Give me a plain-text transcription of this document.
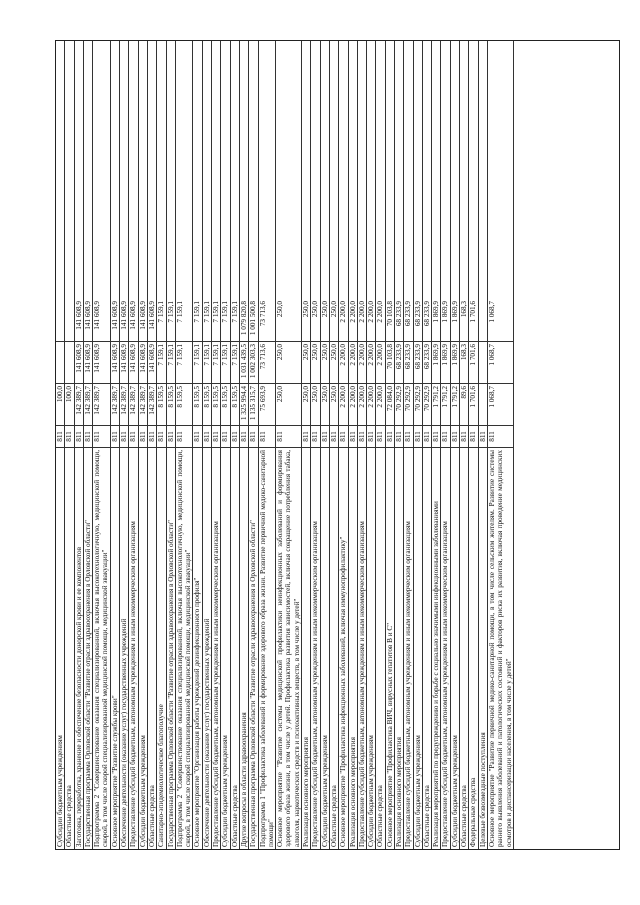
Субсидии бюджетным учреждениям
811
100,0
Областные средства
811
100,0
Заготовка, переработка, хранение и обеспечение безопасности донорской крови и ее компонентов
811
142 389,7
141 608,9
141 608,9
Государственная программа Орловской области "Развитие отрасли здравоохранения в Орловской области"
811
142 389,7
141 608,9
141 608,9
Подпрограмма 2 "Совершенствование оказания специализированной, включая высокотехнологичную, медицинской помощи, скорой, в том числе скорой специализированной медицинской помощи, медицинской эвакуации"
811
142 389,7
141 608,9
141 608,9
Основное мероприятие "Развитие службы крови"
811
142 389,7
141 608,9
141 608,9
Обеспечение деятельности (оказание услуг) государственных учреждений
811
142 389,7
141 608,9
141 608,9
Предоставление субсидий бюджетным, автономным учреждениям и иным некоммерческим организациям
811
142 389,7
141 608,9
141 608,9
Субсидии бюджетным учреждениям
811
142 389,7
141 608,9
141 608,9
Областные средства
811
142 389,7
141 608,9
141 608,9
Санитарно-эпидемиологическое благополучие
811
8 159,5
7 159,1
7 159,1
Государственная программа Орловской области "Развитие отрасли здравоохранения в Орловской области"
811
8 159,5
7 159,1
7 159,1
Подпрограмма 2 "Совершенствование оказания специализированной, включая высокотехнологичную, медицинской помощи, скорой, в том числе скорой специализированной медицинской помощи, медицинской эвакуации"
811
8 159,5
7 159,1
7 159,1
Основное мероприятие "Организация работы учреждений дезинфекционного профиля"
811
8 159,5
7 159,1
7 159,1
Обеспечение деятельности (оказание услуг) государственных учреждений
811
8 159,5
7 159,1
7 159,1
Предоставление субсидий бюджетным, автономным учреждениям и иным некоммерческим организациям
811
8 159,5
7 159,1
7 159,1
Субсидии бюджетным учреждениям
811
8 159,5
7 159,1
7 159,1
Областные средства
811
8 159,5
7 159,1
7 159,1
Другие вопросы в области здравоохранения
811
1 325 994,4
1 031 439,5
1 079 820,8
Государственная программа Орловской области "Развитие отрасли здравоохранения в Орловской области"
811
1 135 315,7
1 002 303,3
1 001 500,8
Подпрограмма 1 "Профилактика заболеваний и формирование здорового образа жизни. Развитие первичной медико-санитарной помощи"
811
75 693,9
73 713,6
73 713,6
Основное мероприятие "Развитие системы медицинской профилактики неинфекционных заболеваний и формирования здорового образа жизни, в том числе у детей. Профилактика развития зависимостей, включая сокращение потребления табака, алкоголя, наркотических средств и психоактивных веществ, в том числе у детей"
811
250,0
250,0
250,0
Реализация основного мероприятия
811
250,0
250,0
250,0
Предоставление субсидий бюджетным, автономным учреждениям и иным некоммерческим организациям
811
250,0
250,0
250,0
Субсидии бюджетным учреждениям
811
250,0
250,0
250,0
Областные средства
811
250,0
250,0
250,0
Основное мероприятие "Профилактика инфекционных заболеваний, включая иммунопрофилактику"
811
2 200,0
2 200,0
2 200,0
Реализация основного мероприятия
811
2 200,0
2 200,0
2 200,0
Предоставление субсидий бюджетным, автономным учреждениям и иным некоммерческим организациям
811
2 200,0
2 200,0
2 200,0
Субсидии бюджетным учреждениям
811
2 200,0
2 200,0
2 200,0
Областные средства
811
2 200,0
2 200,0
2 200,0
Основное мероприятие "Профилактика ВИЧ, вирусных гепатитов В и С"
811
72 084,0
70 103,8
70 103,8
Реализация основного мероприятия
811
70 292,9
68 233,9
68 233,9
Предоставление субсидий бюджетным, автономным учреждениям и иным некоммерческим организациям
811
70 292,9
68 233,9
68 233,9
Субсидии бюджетным учреждениям
811
70 292,9
68 233,9
68 233,9
Областные средства
811
70 292,9
68 233,9
68 233,9
Реализация мероприятий по предупреждению и борьбе с социально значимыми инфекционными заболеваниями
811
1 791,2
1 869,9
1 869,9
Предоставление субсидий бюджетным, автономным учреждениям и иным некоммерческим организациям
811
1 791,2
1 869,9
1 869,9
Субсидии бюджетным учреждениям
811
1 791,2
1 869,9
1 869,9
Областные средства
811
89,6
168,3
168,3
Федеральные средства
811
1 701,6
1 701,6
1 701,6
Целевые безвозмездные поступления
811
Основное мероприятие "Развитие первичной медико-санитарной помощи, в том числе сельским жителям. Развитие системы раннего выявления заболеваний и патологических состояний и факторов риска их развития, включая проведение медицинских осмотров и диспансеризации населения, в том числе у детей"
811
1 068,7
1 068,7
1 068,7
